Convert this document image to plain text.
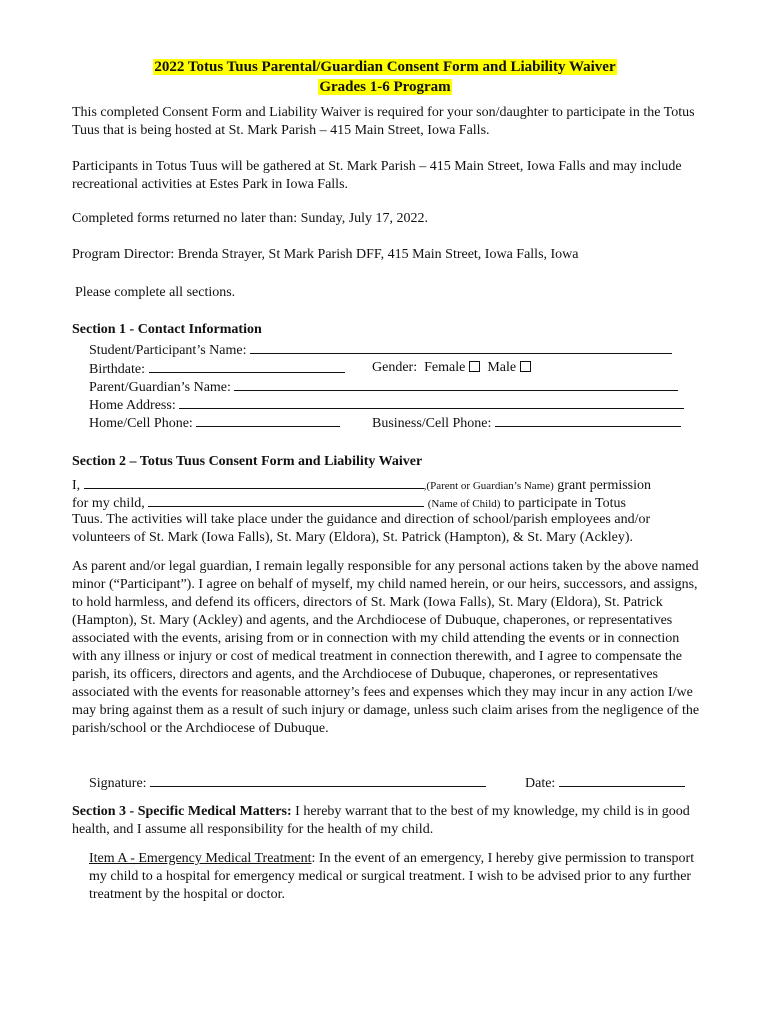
2022 Totus Tuus Parental/Guardian Consent Form and Liability Waiver
Grades 1-6 Program

This completed Consent Form and Liability Waiver is required for your son/daughter to participate in the Totus Tuus that is being hosted at St. Mark Parish – 415 Main Street, Iowa Falls.

Participants in Totus Tuus will be gathered at St. Mark Parish – 415 Main Street, Iowa Falls and may include recreational activities at Estes Park in Iowa Falls.

Completed forms returned no later than: Sunday, July 17, 2022.

Program Director: Brenda Strayer, St Mark Parish DFF, 415 Main Street, Iowa Falls, Iowa

Please complete all sections.

Section 1 - Contact Information
Student/Participant’s Name:
Birthdate:	Gender: Female Male
Parent/Guardian’s Name:
Home Address:
Home/Cell Phone:	Business/Cell Phone:
Section 2 – Totus Tuus Consent Form and Liability Waiver
I,	,(Parent or Guardian’s Name) grant permission
for my child,	(Name of Child) to participate in Totus

Tuus. The activities will take place under the guidance and direction of school/parish employees and/or volunteers of St. Mark (Iowa Falls), St. Mary (Eldora), St. Patrick (Hampton), & St. Mary (Ackley).

As parent and/or legal guardian, I remain legally responsible for any personal actions taken by the above named minor (“Participant”). I agree on behalf of myself, my child named herein, or our heirs, successors, and assigns, to hold harmless, and defend its officers, directors of St. Mark (Iowa Falls), St. Mary (Eldora), St. Patrick (Hampton), St. Mary (Ackley) and agents, and the Archdiocese of Dubuque, chaperones, or representatives associated with the events, arising from or in connection with my child attending the events or in connection with any illness or injury or cost of medical treatment in connection therewith, and I agree to compensate the parish, its officers, directors and agents, and the Archdiocese of Dubuque, chaperones, or representatives associated with the events for reasonable attorney’s fees and expenses which they may incur in any action I/we may bring against them as a result of such injury or damage, unless such claim arises from the negligence of the parish/school or the Archdiocese of Dubuque.

Signature:	Date:

Section 3 - Specific Medical Matters: I hereby warrant that to the best of my knowledge, my child is in good health, and I assume all responsibility for the health of my child.

Item A - Emergency Medical Treatment: In the event of an emergency, I hereby give permission to transport my child to a hospital for emergency medical or surgical treatment. I wish to be advised prior to any further treatment by the hospital or doctor.
